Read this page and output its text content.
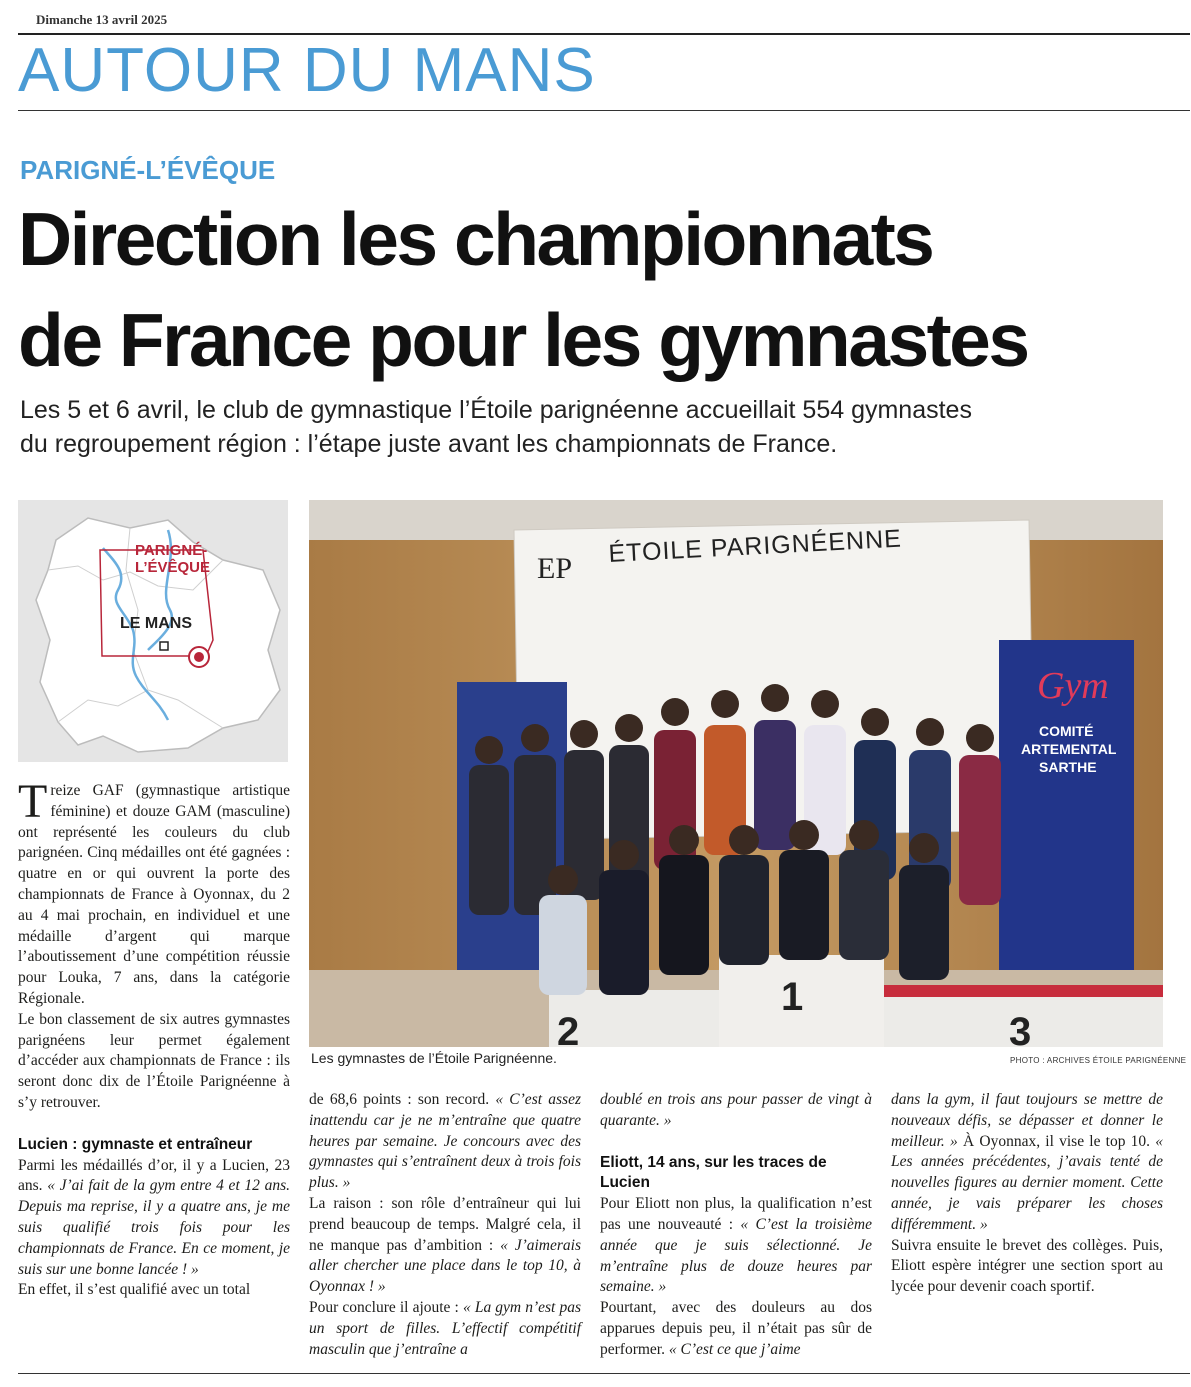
Dimanche 13 avril 2025
AUTOUR DU MANS
PARIGNÉ-L’ÉVÊQUE
Direction les championnats
de France pour les gymnastes
Les 5 et 6 avril, le club de gymnastique l’Étoile parignéenne accueillait 554 gymnastes
du regroupement région : l’étape juste avant les championnats de France.
PARIGNÉ-
L’ÉVÊQUE
LE MANS
EP
ÉTOILE PARIGNÉENNE
Gym
COMITÉ
ARTEMENTAL
SARTHE
1
2	3
Les gymnastes de l’Étoile Parignéenne.	PHOTO : ARCHIVES ÉTOILE PARIGNÉENNE

Treize GAF (gymnastique artistique féminine) et douze GAM (masculine) ont représenté les couleurs du club parignéen. Cinq médailles ont été gagnées : quatre en or qui ouvrent la porte des championnats de France à Oyonnax, du 2 au 4 mai prochain, en individuel et une médaille d’argent qui marque l’aboutissement d’une compétition réussie pour Louka, 7 ans, dans la catégorie Régionale.

Le bon classement de six autres gymnastes parignéens leur permet également d’accéder aux championnats de France : ils seront donc dix de l’Étoile Parignéenne à s’y retrouver.

Lucien : gymnaste et entraîneur

Parmi les médaillés d’or, il y a Lucien, 23 ans. « J’ai fait de la gym entre 4 et 12 ans. Depuis ma reprise, il y a quatre ans, je me suis qualifié trois fois pour les championnats de France. En ce moment, je suis sur une bonne lancée ! »

En effet, il s’est qualifié avec un total

de 68,6 points : son record. « C’est assez inattendu car je ne m’entraîne que quatre heures par semaine. Je concours avec des gymnastes qui s’entraînent deux à trois fois plus. »

La raison : son rôle d’entraîneur qui lui prend beaucoup de temps. Malgré cela, il ne manque pas d’ambition : « J’aimerais aller chercher une place dans le top 10, à Oyonnax ! »

Pour conclure il ajoute : « La gym n’est pas un sport de filles. L’effectif compétitif masculin que j’entraîne a

doublé en trois ans pour passer de vingt à quarante. »

Eliott, 14 ans, sur les traces de Lucien

Pour Eliott non plus, la qualification n’est pas une nouveauté : « C’est la troisième année que je suis sélectionné. Je m’entraîne plus de douze heures par semaine. »

Pourtant, avec des douleurs au dos apparues depuis peu, il n’était pas sûr de performer. « C’est ce que j’aime

dans la gym, il faut toujours se mettre de nouveaux défis, se dépasser et donner le meilleur. » À Oyonnax, il vise le top 10. « Les années précédentes, j’avais tenté de nouvelles figures au dernier moment. Cette année, je vais préparer les choses différemment. »

Suivra ensuite le brevet des collèges. Puis, Eliott espère intégrer une section sport au lycée pour devenir coach sportif.
